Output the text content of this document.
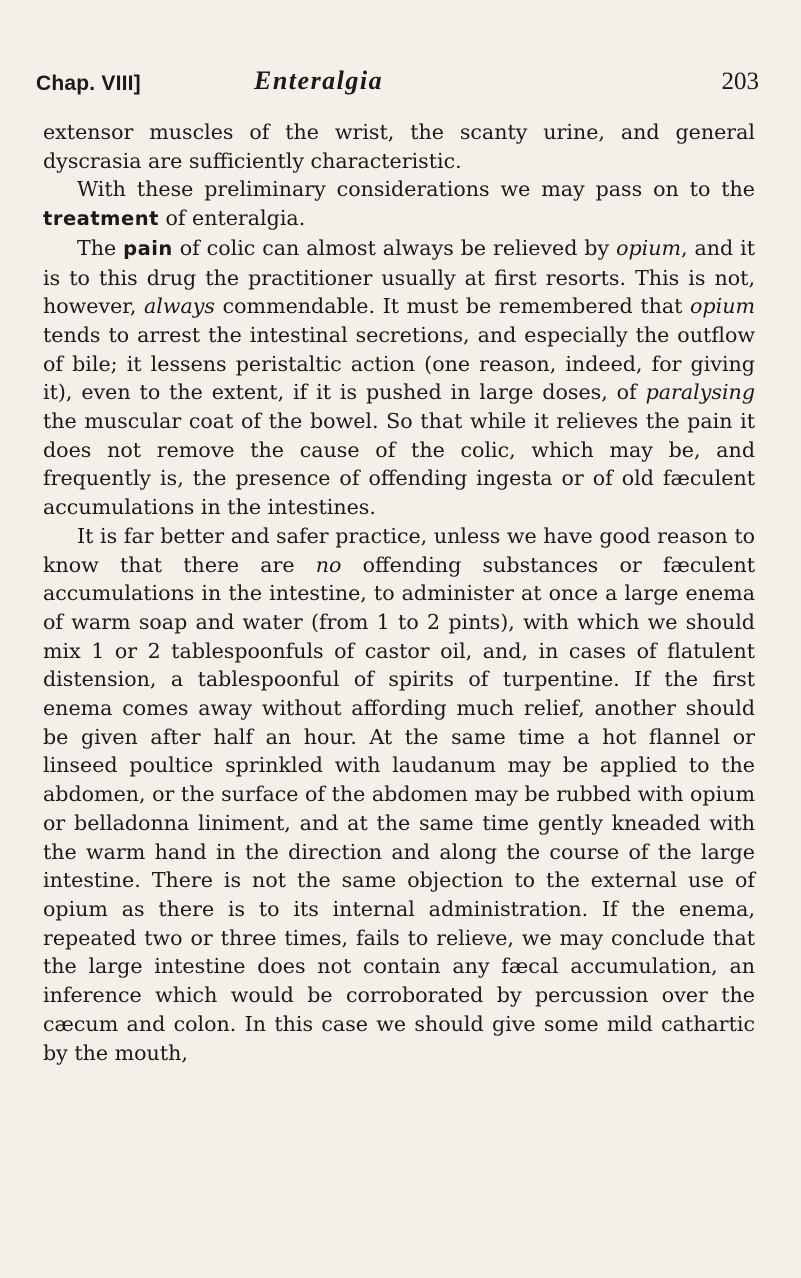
Chap. VIII]	Enteralgia	203

extensor muscles of the wrist, the scanty urine, and general dyscrasia are sufficiently characteristic.

With these preliminary considerations we may pass on to the treatment of enteralgia.

The pain of colic can almost always be relieved by opium, and it is to this drug the practitioner usually at first resorts. This is not, however, always commendable. It must be remembered that opium tends to arrest the intestinal secretions, and especially the outflow of bile; it lessens peristaltic action (one reason, indeed, for giving it), even to the extent, if it is pushed in large doses, of paralysing the muscular coat of the bowel. So that while it relieves the pain it does not remove the cause of the colic, which may be, and frequently is, the presence of offending ingesta or of old fæculent accumulations in the intestines.

It is far better and safer practice, unless we have good reason to know that there are no offending substances or fæculent accumulations in the intestine, to administer at once a large enema of warm soap and water (from 1 to 2 pints), with which we should mix 1 or 2 tablespoonfuls of castor oil, and, in cases of flatulent distension, a tablespoonful of spirits of turpentine. If the first enema comes away without affording much relief, another should be given after half an hour. At the same time a hot flannel or linseed poultice sprinkled with laudanum may be applied to the abdomen, or the surface of the abdomen may be rubbed with opium or belladonna liniment, and at the same time gently kneaded with the warm hand in the direction and along the course of the large intestine. There is not the same objection to the external use of opium as there is to its internal administration. If the enema, repeated two or three times, fails to relieve, we may conclude that the large intestine does not contain any fæcal accumulation, an inference which would be corroborated by percussion over the cæcum and colon. In this case we should give some mild cathartic by the mouth,
